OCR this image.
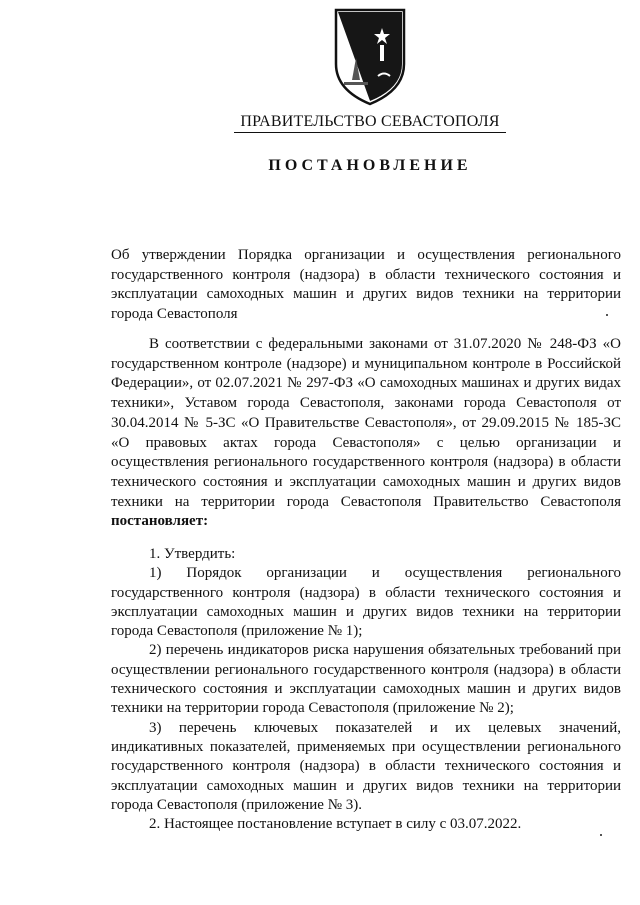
ПРАВИТЕЛЬСТВО СЕВАСТОПОЛЯ
ПОСТАНОВЛЕНИЕ
Об утверждении Порядка организации и осуществления регионального государственного контроля (надзора) в области технического состояния и эксплуатации самоходных машин и других видов техники на территории города Севастополя

В соответствии с федеральными законами от 31.07.2020 № 248-ФЗ «О государственном контроле (надзоре) и муниципальном контроле в Российской Федерации», от 02.07.2021 № 297-ФЗ «О самоходных машинах и других видах техники», Уставом города Севастополя, законами города Севастополя от 30.04.2014 № 5-ЗС «О Правительстве Севастополя», от 29.09.2015 № 185-ЗС «О правовых актах города Севастополя» с целью организации и осуществления регионального государственного контроля (надзора) в области технического состояния и эксплуатации самоходных машин и других видов техники на территории города Севастополя Правительство Севастополя постановляет:

1. Утвердить:

1) Порядок организации и осуществления регионального государственного контроля (надзора) в области технического состояния и эксплуатации самоходных машин и других видов техники на территории города Севастополя (приложение № 1);

2) перечень индикаторов риска нарушения обязательных требований при осуществлении регионального государственного контроля (надзора) в области технического состояния и эксплуатации самоходных машин и других видов техники на территории города Севастополя (приложение № 2);

3) перечень ключевых показателей и их целевых значений, индикативных показателей, применяемых при осуществлении регионального государственного контроля (надзора) в области технического состояния и эксплуатации самоходных машин и других видов техники на территории города Севастополя (приложение № 3).

2. Настоящее постановление вступает в силу с 03.07.2022.
